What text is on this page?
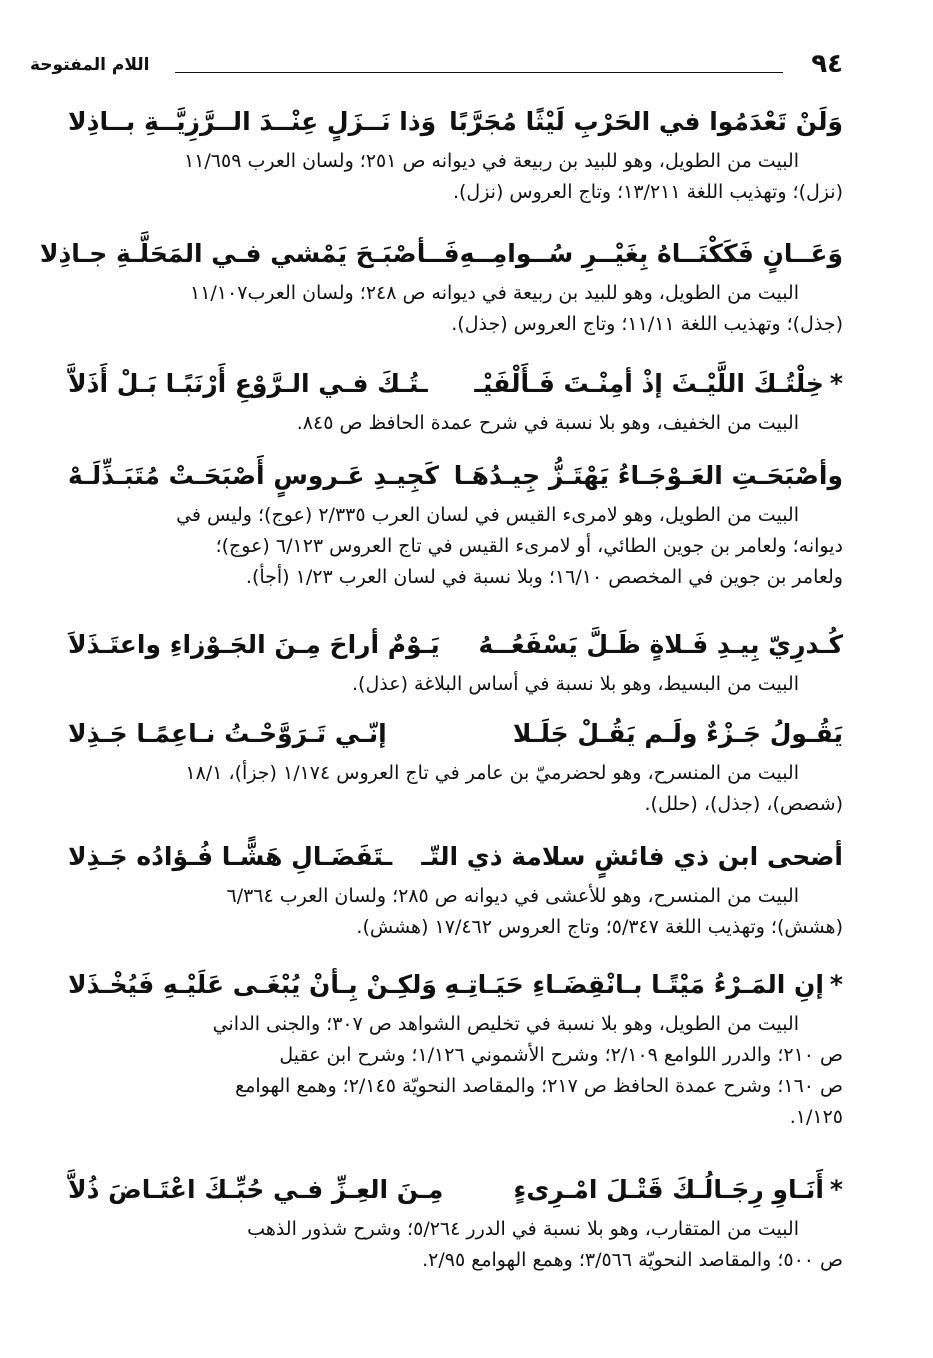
٩٤
اللام المفتوحة
وَلَنْ تَعْدَمُوا في الحَرْبِ لَيْثًا مُجَرَّبًا
وَذا نَــزَلٍ عِنْــدَ الــرَّزِيَّــةِ بــاذِلا
البيت من الطويل، وهو للبيد بن ربيعة في ديوانه ص ٢٥١؛ ولسان العرب ١١/٦٥٩
(نزل)؛ وتهذيب اللغة ١٣/٢١١؛ وتاج العروس (نزل).
وَعَــانٍ فَكَكْنَــاهُ بِغَيْــرِ سُــوامِــهِ
فَــأصْبَـحَ يَمْشي فـي المَحَلَّـةِ جـاذِلا
البيت من الطويل، وهو للبيد بن ربيعة في ديوانه ص ٢٤٨؛ ولسان العرب١١/١٠٧
(جذل)؛ وتهذيب اللغة ١١/١١؛ وتاج العروس (جذل).
*خِلْتُـكَ اللَّيْـثَ إذْ أمِنْـتَ فَـأَلْفَيْـ
ـتُـكَ فـي الـرَّوْعِ أَرْنَبًـا بَـلْ أَذَلاَّ
البيت من الخفيف، وهو بلا نسبة في شرح عمدة الحافظ ص ٨٤٥.
وأصْبَحَـتِ العَـوْجَـاءُ يَهْتَـزُّ جِيـدُهَـا
كَجِيـدِ عَـروسٍ أَصْبَحَـتْ مُتَبَـذِّلَـهْ
البيت من الطويل، وهو لامرىء القيس في لسان العرب ٢/٣٣٥ (عوج)؛ وليس في
ديوانه؛ ولعامر بن جوين الطائي، أو لامرىء القيس في تاج العروس ٦/١٢٣ (عوج)؛
ولعامر بن جوين في المخصص ١٦/١٠؛ وبلا نسبة في لسان العرب ١/٢٣ (أجأ).
كُـدرِيّ بِيـدِ فَـلاةٍ ظَـلَّ يَسْفَعُــهُ
يَـوْمٌ أراحَ مِـنَ الجَـوْزاءِ واعتَـذَلاَ
البيت من البسيط، وهو بلا نسبة في أساس البلاغة (عذل).
يَقُـولُ جَـزْءٌ ولَـم يَقُـلْ جَلَـلا
إنّـي تَـرَوَّحْـتُ نـاعِمًـا جَـذِلا
البيت من المنسرح، وهو لحضرميّ بن عامر في تاج العروس ١/١٧٤ (جزأ)، ١٨/١
(شصص)، (جذل)، (حلل).
أضحى ابن ذي فائشٍ سلامة ذي التّـ
ـتَفَضَـالِ هَشًّـا فُـؤادُه جَـذِلا
البيت من المنسرح، وهو للأعشى في ديوانه ص ٢٨٥؛ ولسان العرب ٦/٣٦٤
(هشش)؛ وتهذيب اللغة ٥/٣٤٧؛ وتاج العروس ١٧/٤٦٢ (هشش).
*إنِ المَـرْءُ مَيْتًـا بـانْقِضَـاءِ حَيَـاتِـهِ
وَلكِـنْ بِـأنْ يُبْغَـى عَلَيْـهِ فَيُخْـذَلا
البيت من الطويل، وهو بلا نسبة في تخليص الشواهد ص ٣٠٧؛ والجنى الداني
ص ٢١٠؛ والدرر اللوامع ٢/١٠٩؛ وشرح الأشموني ١/١٢٦؛ وشرح ابن عقيل
ص ١٦٠؛ وشرح عمدة الحافظ ص ٢١٧؛ والمقاصد النحويّة ٢/١٤٥؛ وهمع الهوامع
١/١٢٥.
*أَنَـاوِ رِجَـالُـكَ قَتْـلَ امْـرِىءٍ
مِـنَ العِـزِّ فـي حُبِّـكَ اعْتَـاضَ ذُلاَّ
البيت من المتقارب، وهو بلا نسبة في الدرر ٥/٢٦٤؛ وشرح شذور الذهب
ص ٥٠٠؛ والمقاصد النحويّة ٣/٥٦٦؛ وهمع الهوامع ٢/٩٥.
